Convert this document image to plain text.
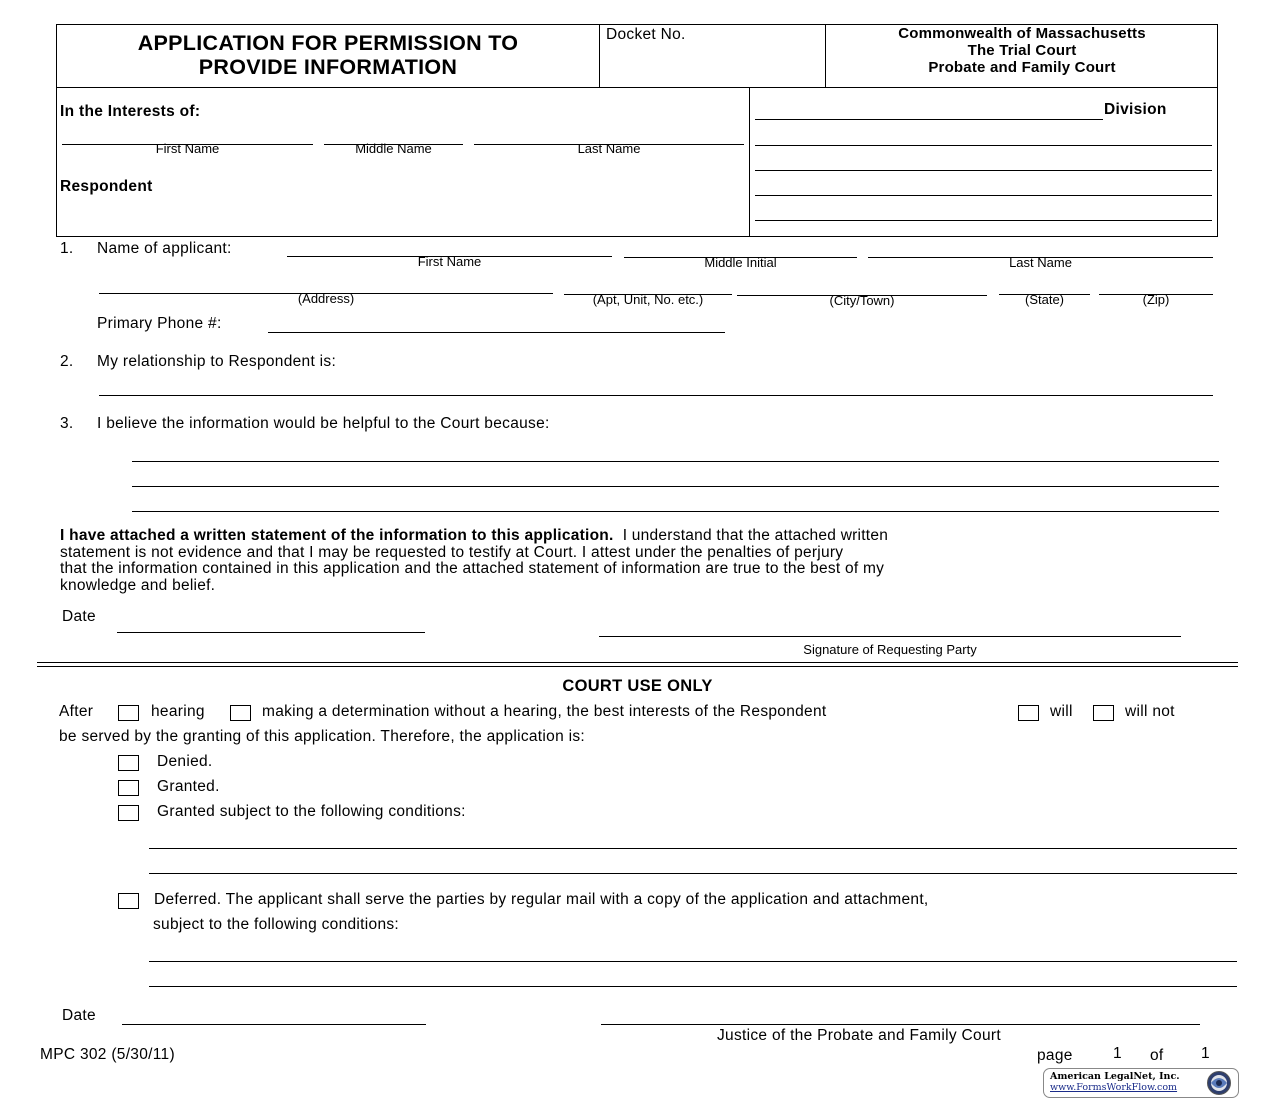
APPLICATION FOR PERMISSION TO
PROVIDE INFORMATION
Docket No.	Commonwealth of Massachusetts
The Trial Court
Probate and Family Court
In the Interests of:
First Name	Middle Name	Last Name
Respondent
Division
1. Name of applicant:
First Name	Middle Initial	Last Name
(Address)	(Apt, Unit, No. etc.)	(City/Town)	(State)	(Zip)
Primary Phone #:
2. My relationship to Respondent is:
3. I believe the information would be helpful to the Court because:
I have attached a written statement of the information to this application.  I understand that the attached written
statement is not evidence and that I may be requested to testify at Court. I attest under the penalties of perjury
that the information contained in this application and the attached statement of information are true to the best of my
knowledge and belief.
Date
Signature of Requesting Party
COURT USE ONLY
After	hearing	making a determination without a hearing, the best interests of the Respondent	will	will not
be served by the granting of this application. Therefore, the application is:
Denied.
Granted.
Granted subject to the following conditions:
Deferred. The applicant shall serve the parties by regular mail with a copy of the application and attachment,
subject to the following conditions:
Date
Justice of the Probate and Family Court
MPC 302 (5/30/11)	page	1 of 1
American LegalNet, Inc.
www.FormsWorkFlow.com
